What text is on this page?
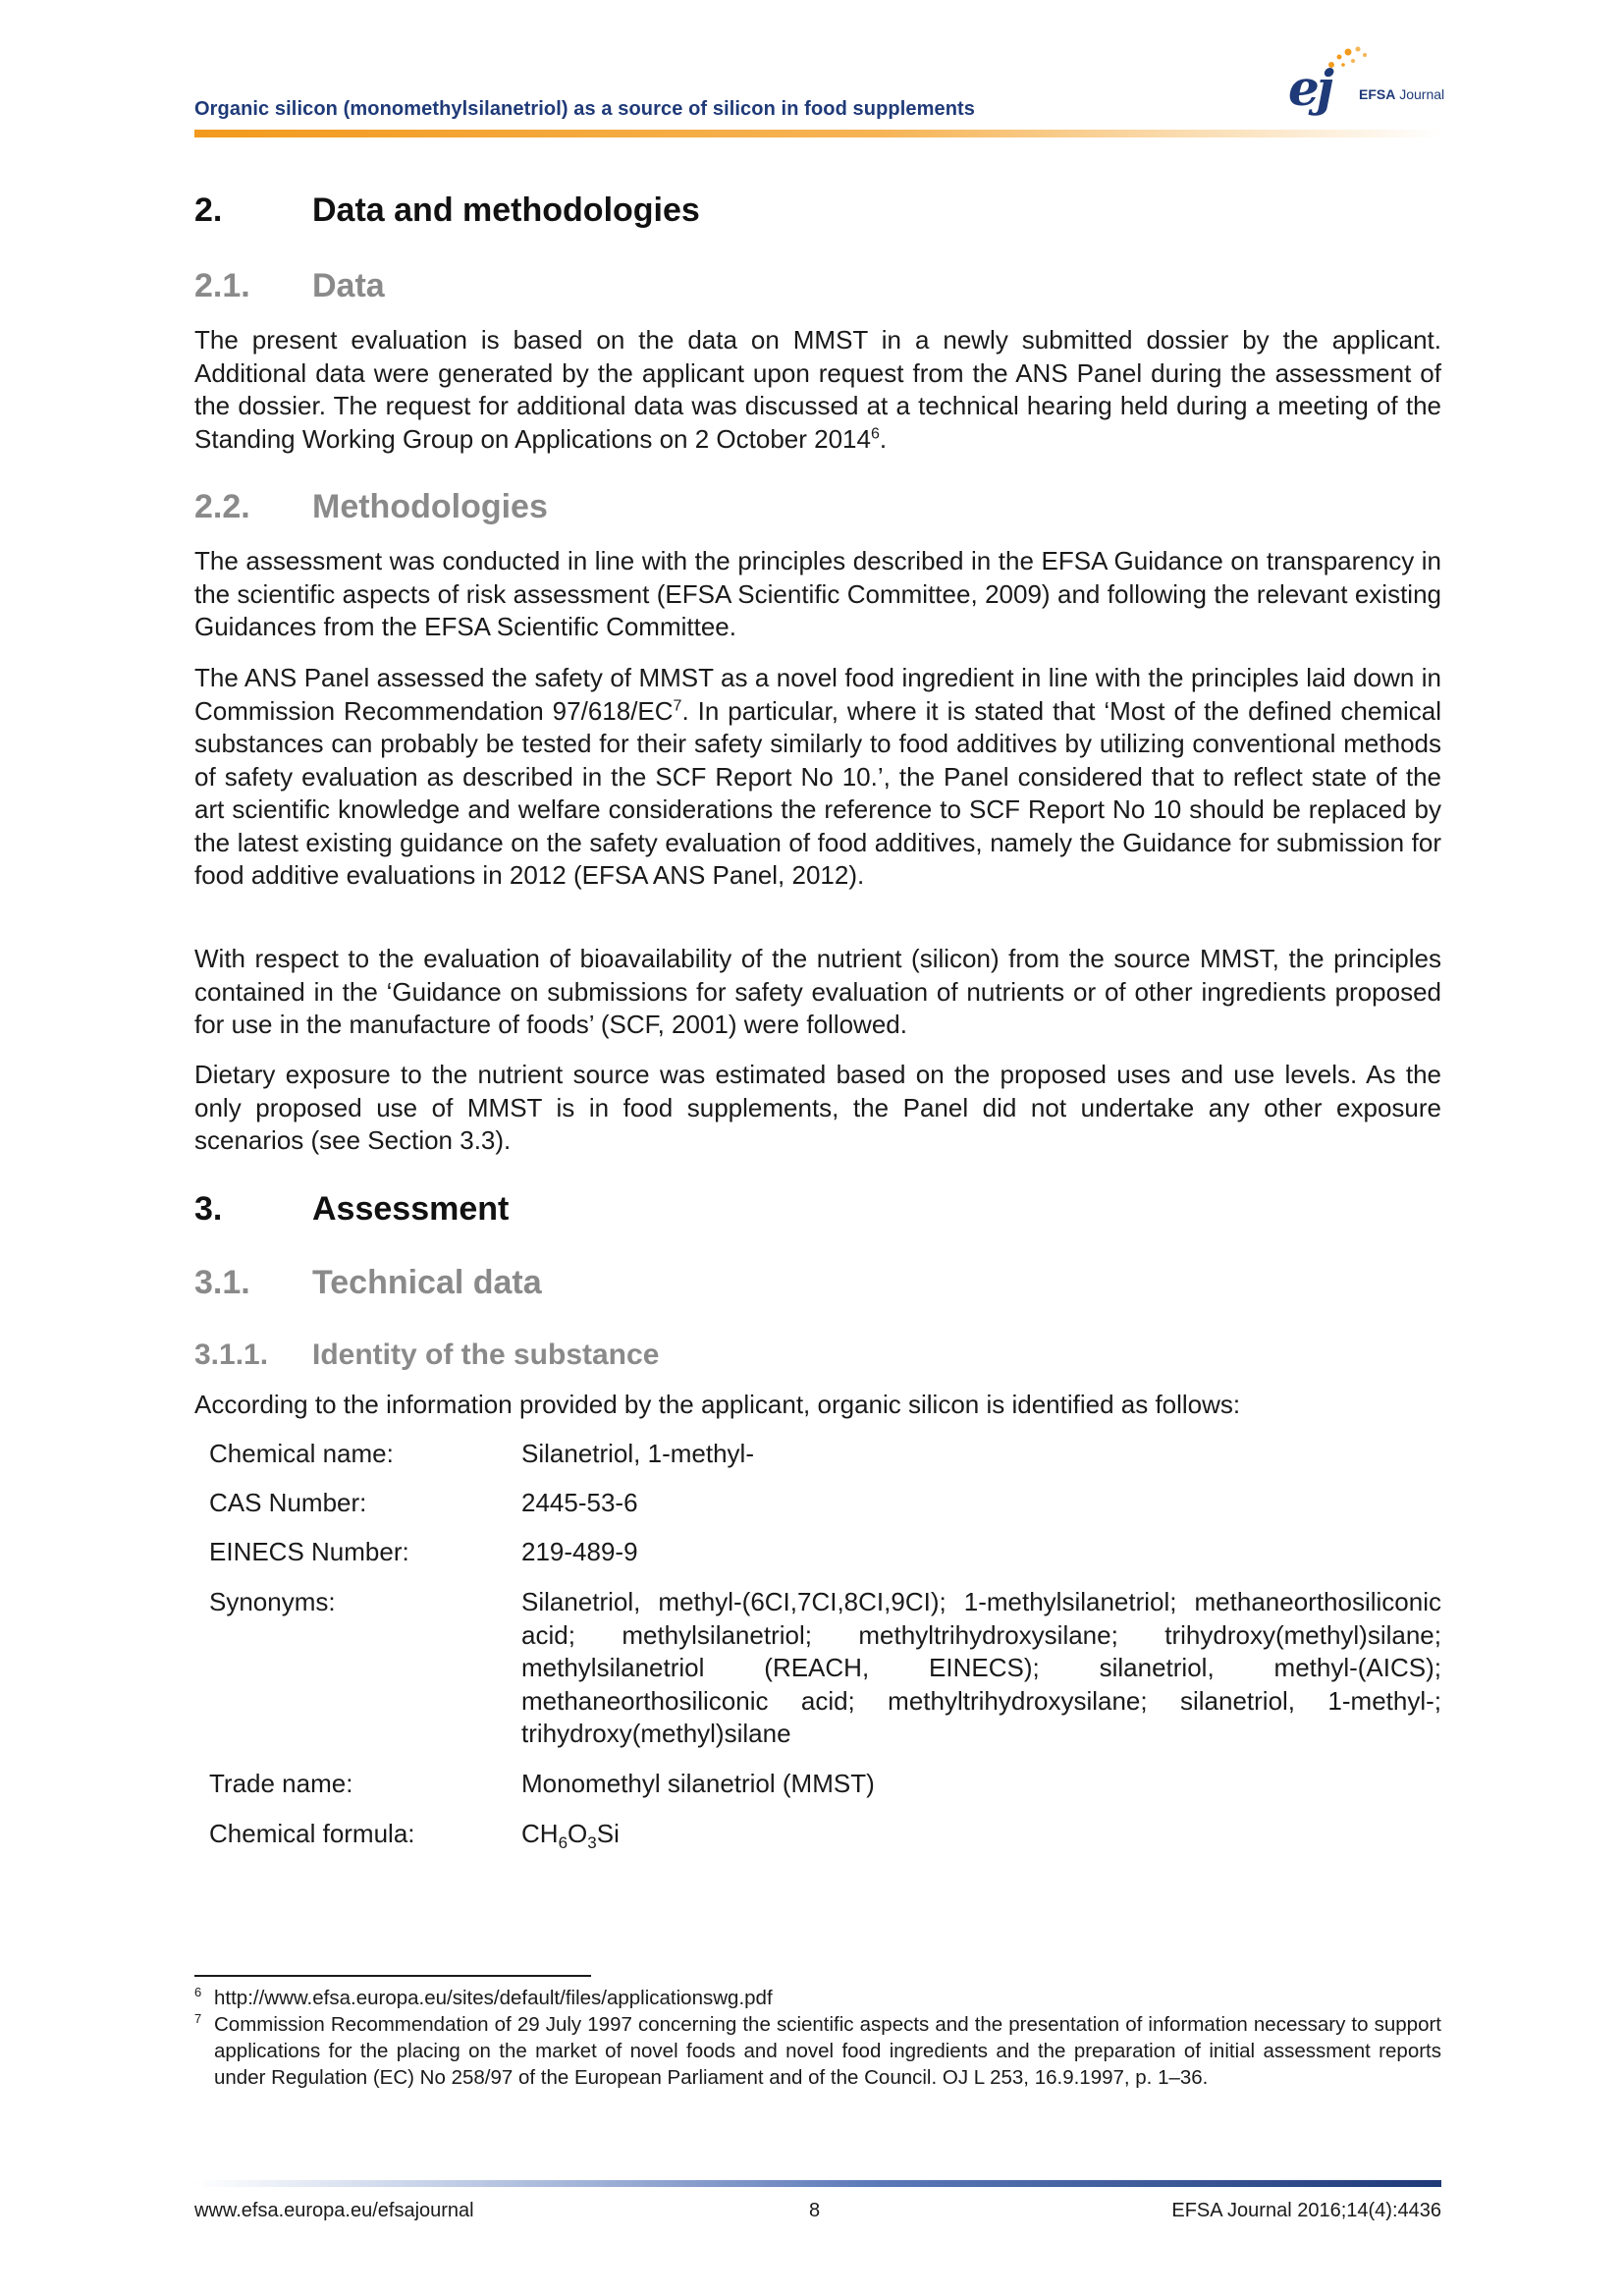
Organic silicon (monomethylsilanetriol) as a source of silicon in food supplements	ej EFSA Journal
2.	Data and methodologies
2.1. Data

The present evaluation is based on the data on MMST in a newly submitted dossier by the applicant. Additional data were generated by the applicant upon request from the ANS Panel during the assessment of the dossier. The request for additional data was discussed at a technical hearing held during a meeting of the Standing Working Group on Applications on 2 October 2014$^6$.

2.2. Methodologies

The assessment was conducted in line with the principles described in the EFSA Guidance on transparency in the scientific aspects of risk assessment (EFSA Scientific Committee, 2009) and following the relevant existing Guidances from the EFSA Scientific Committee.

The ANS Panel assessed the safety of MMST as a novel food ingredient in line with the principles laid down in Commission Recommendation $97/618/EC^7$. In particular, where it is stated that ‘Most of the defined chemical substances can probably be tested for their safety similarly to food additives by utilizing conventional methods of safety evaluation as described in the SCF Report No 10.’, the Panel considered that to reflect state of the art scientific knowledge and welfare considerations the reference to SCF Report No 10 should be replaced by the latest existing guidance on the safety evaluation of food additives, namely the Guidance for submission for food additive evaluations in 2012 (EFSA ANS Panel, 2012).

With respect to the evaluation of bioavailability of the nutrient (silicon) from the source MMST, the principles contained in the ‘Guidance on submissions for safety evaluation of nutrients or of other ingredients proposed for use in the manufacture of foods’ (SCF, 2001) were followed.

Dietary exposure to the nutrient source was estimated based on the proposed uses and use levels. As the only proposed use of MMST is in food supplements, the Panel did not undertake any other exposure scenarios (see Section 3.3).

3.	Assessment
3.1. Technical data
3.1.1. Identity of the substance

According to the information provided by the applicant, organic silicon is identified as follows:

Chemical name:	Silanetriol, 1-methyl-
CAS Number:	2445-53-6
EINECS Number:	219-489-9
Synonyms:	Silanetriol, methyl-(6CI,7CI,8CI,9CI); 1-methylsilanetriol; methaneorthosiliconic acid; methylsilanetriol; methyltrihydroxysilane; trihydroxy(methyl)silane; methylsilanetriol (REACH, EINECS); silanetriol, methyl-(AICS); methaneorthosiliconic acid; methyltrihydroxysilane; silanetriol, 1-methyl-; trihydroxy(methyl)silane
Trade name:	Monomethyl silanetriol (MMST)
Chemical formula:	$CH_6O_3Si$
6 http://www.efsa.europa.eu/sites/default/files/applicationswg.pdf
7 Commission Recommendation of 29 July 1997 concerning the scientific aspects and the presentation of information necessary to support applications for the placing on the market of novel foods and novel food ingredients and the preparation of initial assessment reports under Regulation (EC) No 258/97 of the European Parliament and of the Council. OJ L 253, 16.9.1997, p. 1–36.
www.efsa.europa.eu/efsajournal	8	EFSA Journal 2016;14(4):4436
